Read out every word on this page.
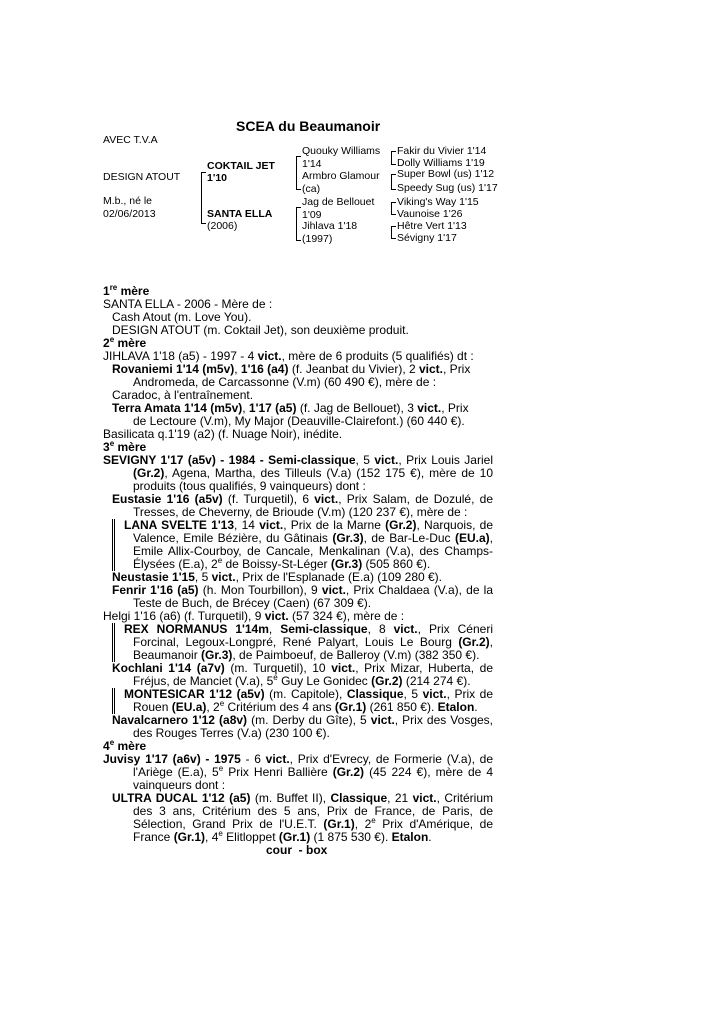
SCEA du Beaumanoir
AVEC T.V.A
DESIGN ATOUT
M.b., né le
02/06/2013
COKTAIL JET
1'10
SANTA ELLA
(2006)
Quouky Williams
1'14
Armbro Glamour
(ca)
Jag de Bellouet
1'09
Jihlava 1'18
(1997)
Fakir du Vivier 1'14
Dolly Williams 1'19
Super Bowl (us) 1'12
Speedy Sug (us) 1'17
Viking's Way 1'15
Vaunoise 1'26
Hêtre Vert 1'13
Sévigny 1'17

1re mère

SANTA ELLA - 2006 - Mère de :

Cash Atout (m. Love You).

DESIGN ATOUT (m. Coktail Jet), son deuxième produit.

2e mère

JIHLAVA 1'18 (a5) - 1997 - 4 vict., mère de 6 produits (5 qualifiés) dt :

Rovaniemi 1'14 (m5v), 1'16 (a4) (f. Jeanbat du Vivier), 2 vict., Prix

Andromeda, de Carcassonne (V.m) (60 490 €), mère de :

Caradoc, à l'entraînement.

Terra Amata 1'14 (m5v), 1'17 (a5) (f. Jag de Bellouet), 3 vict., Prix

de Lectoure (V.m), My Major (Deauville-Clairefont.) (60 440 €).

Basilicata q.1'19 (a2) (f. Nuage Noir), inédite.

3e mère

SEVIGNY 1'17 (a5v) - 1984 - Semi-classique, 5 vict., Prix Louis Jariel (Gr.2), Agena, Martha, des Tilleuls (V.a) (152 175 €), mère de 10 produits (tous qualifiés, 9 vainqueurs) dont :

Eustasie 1'16 (a5v) (f. Turquetil), 6 vict., Prix Salam, de Dozulé, de Tresses, de Cheverny, de Brioude (V.m) (120 237 €), mère de :

LANA SVELTE 1'13, 14 vict., Prix de la Marne (Gr.2), Narquois, de Valence, Emile Bézière, du Gâtinais (Gr.3), de Bar-Le-Duc (EU.a), Emile Allix-Courboy, de Cancale, Menkalinan (V.a), des Champs-Élysées (E.a), 2e de Boissy-St-Léger (Gr.3) (505 860 €).

Neustasie 1'15, 5 vict., Prix de l'Esplanade (E.a) (109 280 €).

Fenrir 1'16 (a5) (h. Mon Tourbillon), 9 vict., Prix Chaldaea (V.a), de la Teste de Buch, de Brécey (Caen) (67 309 €).

Helgi 1'16 (a6) (f. Turquetil), 9 vict. (57 324 €), mère de :

REX NORMANUS 1'14m, Semi-classique, 8 vict., Prix Céneri Forcinal, Legoux-Longpré, René Palyart, Louis Le Bourg (Gr.2), Beaumanoir (Gr.3), de Paimboeuf, de Balleroy (V.m) (382 350 €).

Kochlani 1'14 (a7v) (m. Turquetil), 10 vict., Prix Mizar, Huberta, de Fréjus, de Manciet (V.a), 5e Guy Le Gonidec (Gr.2) (214 274 €).

MONTESICAR 1'12 (a5v) (m. Capitole), Classique, 5 vict., Prix de Rouen (EU.a), 2e Critérium des 4 ans (Gr.1) (261 850 €). Etalon.

Navalcarnero 1'12 (a8v) (m. Derby du Gîte), 5 vict., Prix des Vosges, des Rouges Terres (V.a) (230 100 €).

4e mère

Juvisy 1'17 (a6v) - 1975 - 6 vict., Prix d'Evrecy, de Formerie (V.a), de l'Ariège (E.a), 5e Prix Henri Ballière (Gr.2) (45 224 €), mère de 4 vainqueurs dont :

ULTRA DUCAL 1'12 (a5) (m. Buffet II), Classique, 21 vict., Critérium des 3 ans, Critérium des 5 ans, Prix de France, de Paris, de Sélection, Grand Prix de l'U.E.T. (Gr.1), 2e Prix d'Amérique, de France (Gr.1), 4e Elitloppet (Gr.1) (1 875 530 €). Etalon.

cour  - box
